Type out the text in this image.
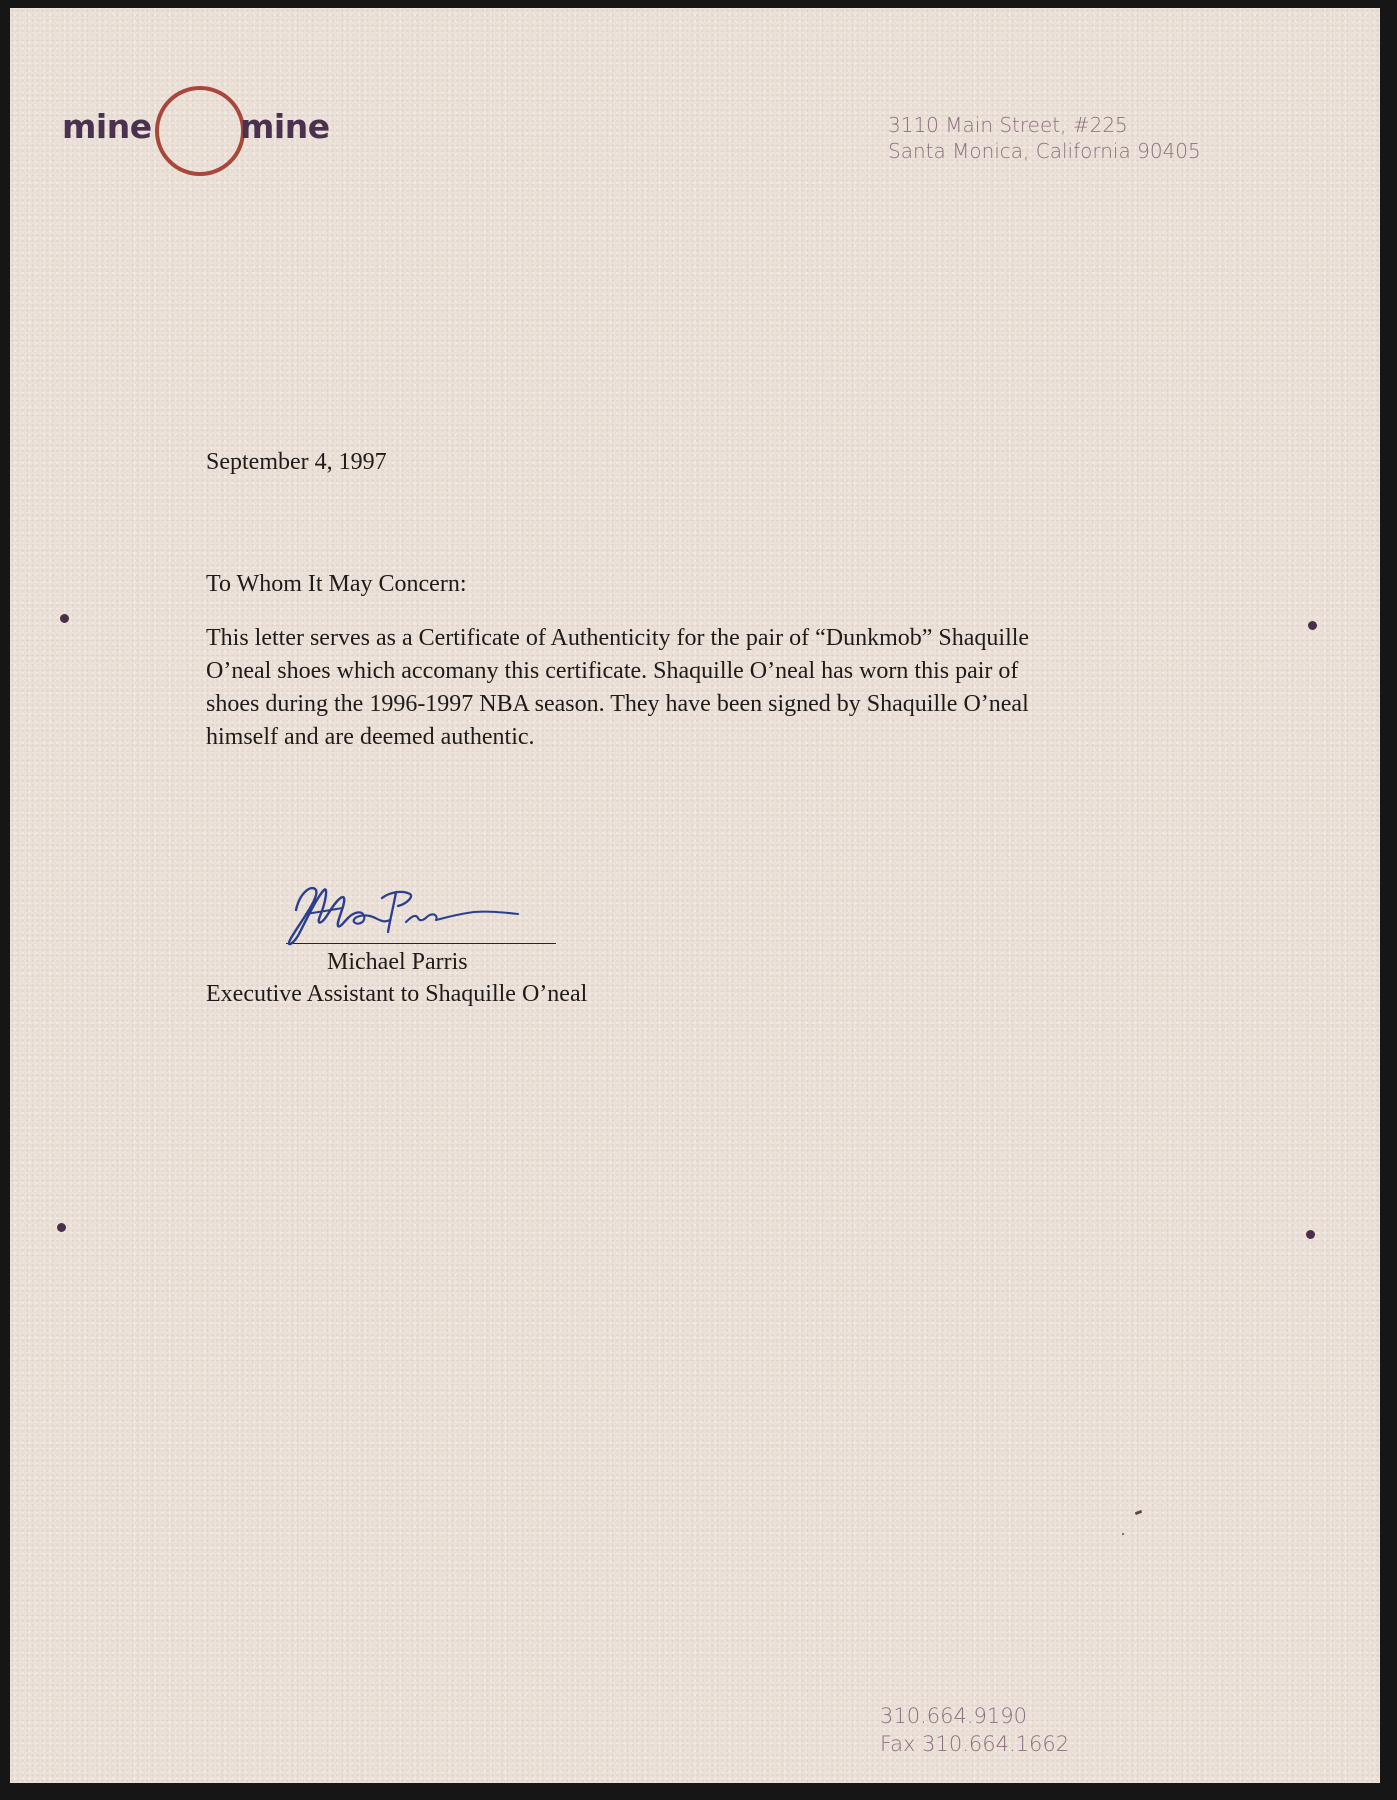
mine	mine	3110 Main Street, #225
Santa Monica, California 90405
September 4, 1997
To Whom It May Concern:
This letter serves as a Certificate of Authenticity for the pair of “Dunkmob” Shaquille
O’neal shoes which accomany this certificate. Shaquille O’neal has worn this pair of
shoes during the 1996-1997 NBA season. They have been signed by Shaquille O’neal
himself and are deemed authentic.
Michael Parris
Executive Assistant to Shaquille O’neal
310.664.9190
Fax 310.664.1662
